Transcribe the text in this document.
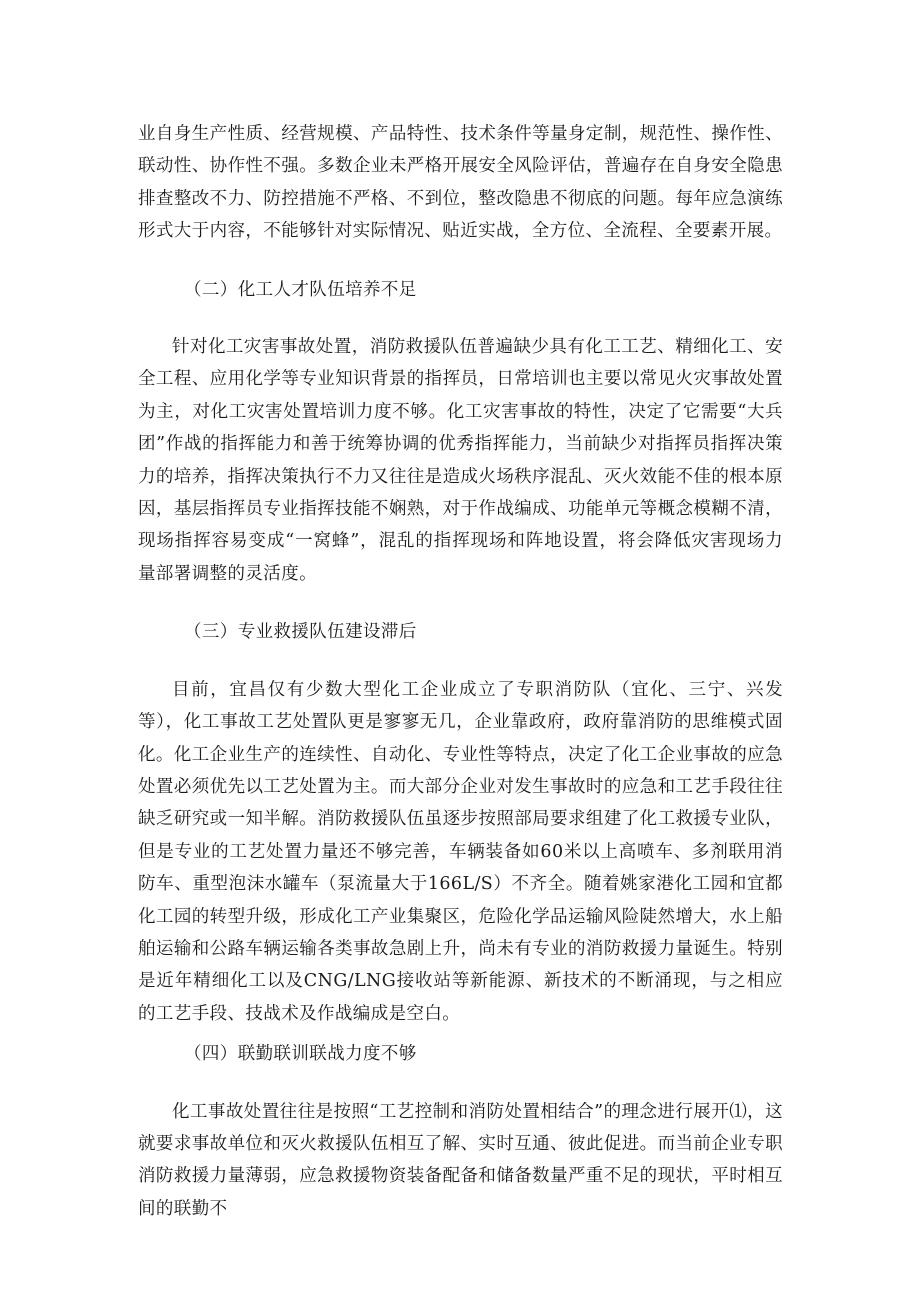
业自身生产性质、经营规模、产品特性、技术条件等量身定制，规范性、操作性、联动性、协作性不强。多数企业未严格开展安全风险评估，普遍存在自身安全隐患排查整改不力、防控措施不严格、不到位，整改隐患不彻底的问题。每年应急演练形式大于内容，不能够针对实际情况、贴近实战，全方位、全流程、全要素开展。

（二）化工人才队伍培养不足

针对化工灾害事故处置，消防救援队伍普遍缺少具有化工工艺、精细化工、安全工程、应用化学等专业知识背景的指挥员，日常培训也主要以常见火灾事故处置为主，对化工灾害处置培训力度不够。化工灾害事故的特性，决定了它需要“大兵团”作战的指挥能力和善于统筹协调的优秀指挥能力，当前缺少对指挥员指挥决策力的培养，指挥决策执行不力又往往是造成火场秩序混乱、灭火效能不佳的根本原因，基层指挥员专业指挥技能不娴熟，对于作战编成、功能单元等概念模糊不清，现场指挥容易变成“一窝蜂”，混乱的指挥现场和阵地设置，将会降低灾害现场力量部署调整的灵活度。

（三）专业救援队伍建设滞后

目前，宜昌仅有少数大型化工企业成立了专职消防队（宜化、三宁、兴发等），化工事故工艺处置队更是寥寥无几，企业靠政府，政府靠消防的思维模式固化。化工企业生产的连续性、自动化、专业性等特点，决定了化工企业事故的应急处置必须优先以工艺处置为主。而大部分企业对发生事故时的应急和工艺手段往往缺乏研究或一知半解。消防救援队伍虽逐步按照部局要求组建了化工救援专业队，但是专业的工艺处置力量还不够完善，车辆装备如60米以上高喷车、多剂联用消防车、重型泡沫水罐车（泵流量大于166L/S）不齐全。随着姚家港化工园和宜都化工园的转型升级，形成化工产业集聚区，危险化学品运输风险陡然增大，水上船舶运输和公路车辆运输各类事故急剧上升，尚未有专业的消防救援力量诞生。特别是近年精细化工以及CNG/LNG接收站等新能源、新技术的不断涌现，与之相应的工艺手段、技战术及作战编成是空白。

（四）联勤联训联战力度不够

化工事故处置往往是按照“工艺控制和消防处置相结合”的理念进行展开⑴，这就要求事故单位和灭火救援队伍相互了解、实时互通、彼此促进。而当前企业专职消防救援力量薄弱，应急救援物资装备配备和储备数量严重不足的现状，平时相互间的联勤不
